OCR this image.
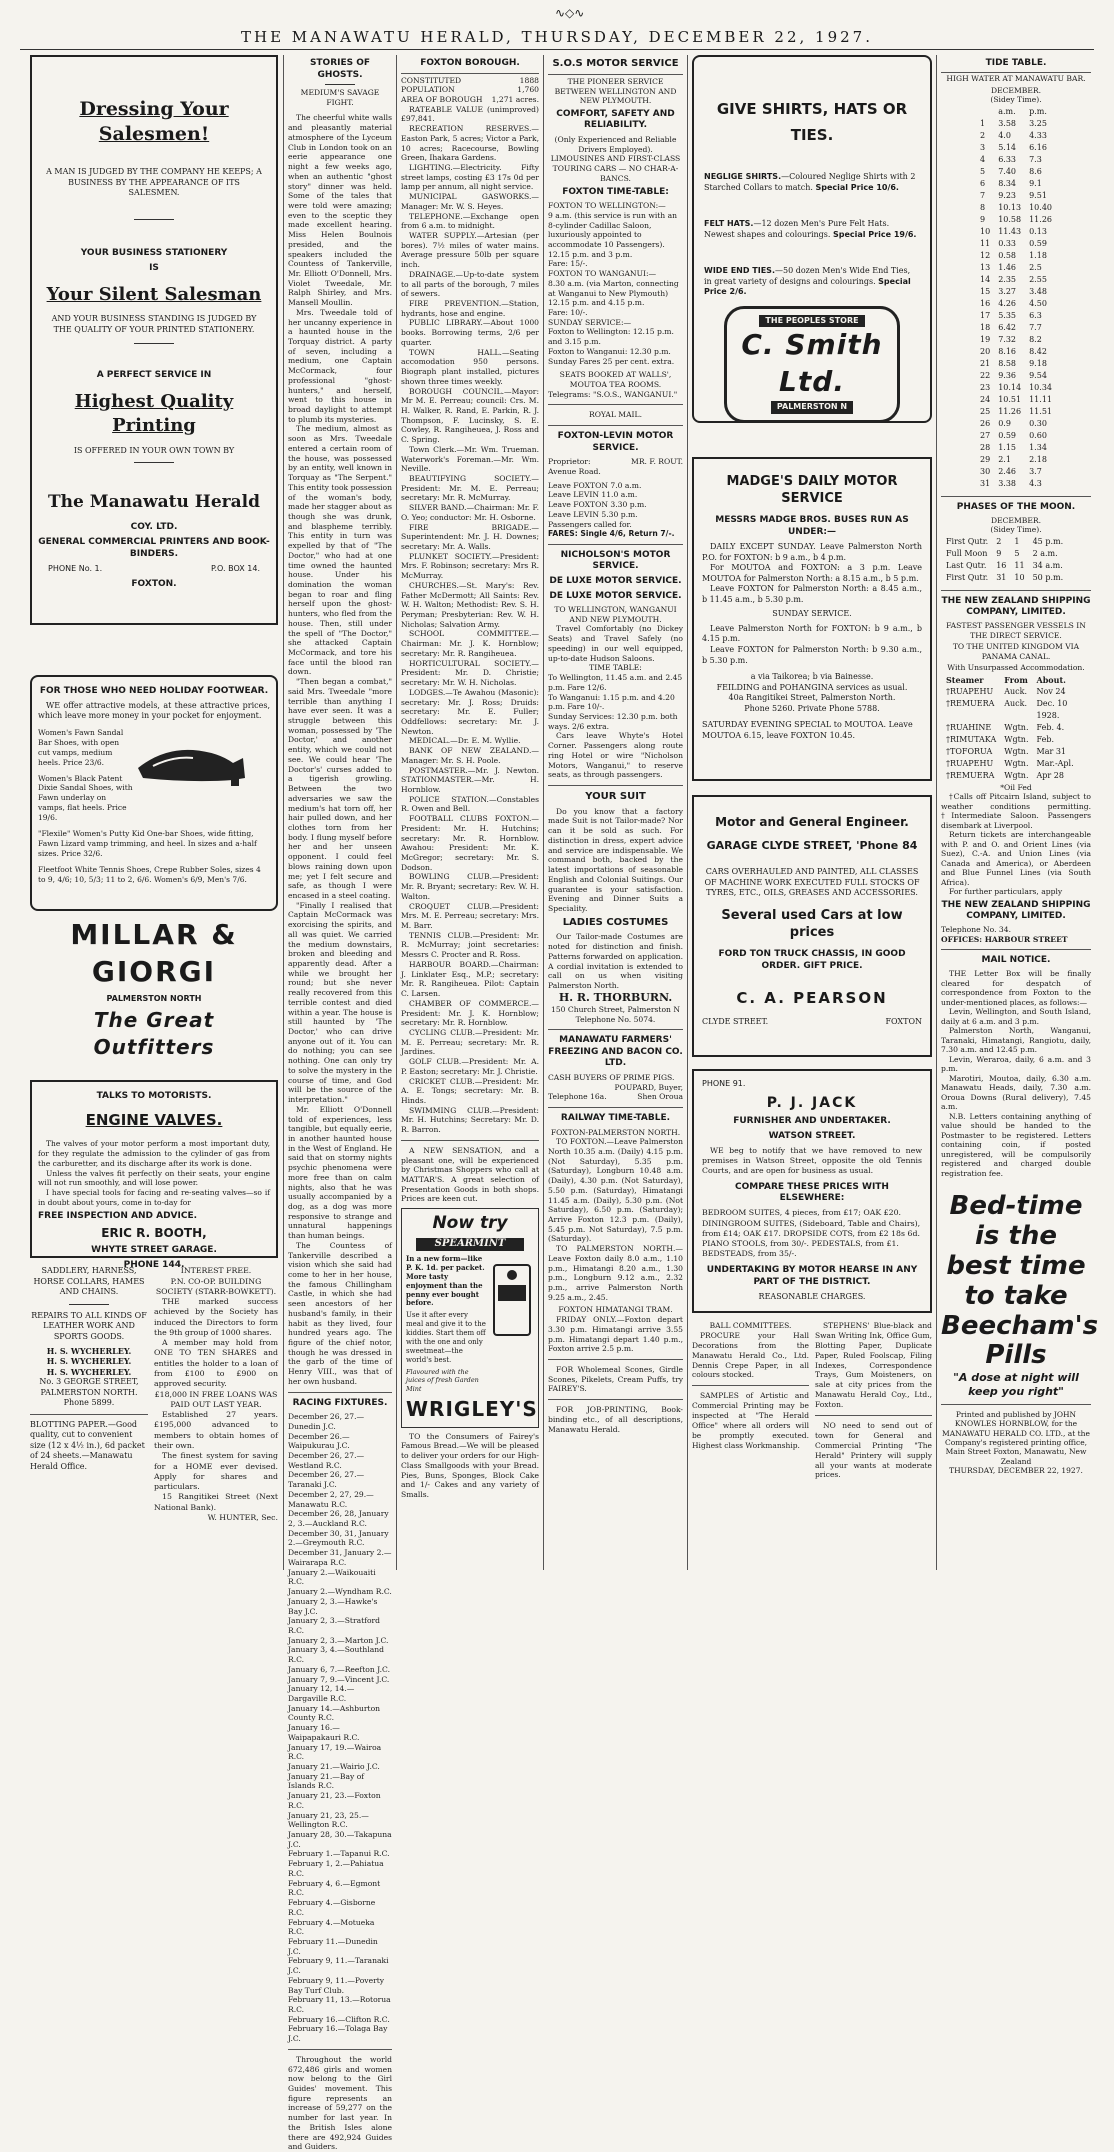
∿◇∿
THE MANAWATU HERALD, THURSDAY, DECEMBER 22, 1927.
Dressing Your Salesmen!
A MAN IS JUDGED BY THE COMPANY HE KEEPS; A BUSINESS BY THE APPEARANCE OF ITS SALESMEN.
YOUR BUSINESS STATIONERY
IS
Your Silent Salesman
AND YOUR BUSINESS STANDING IS JUDGED BY THE QUALITY OF YOUR PRINTED STATIONERY.
A PERFECT SERVICE IN
Highest Quality Printing
IS OFFERED IN YOUR OWN TOWN BY
The Manawatu Herald
COY. LTD.
GENERAL COMMERCIAL PRINTERS AND BOOK-BINDERS.
PHONE No. 1.	P.O. BOX 14.
FOXTON.
FOR THOSE WHO NEED HOLIDAY FOOTWEAR.
WE offer attractive models, at these attractive prices, which leave more money in your pocket for enjoyment.

Women's Fawn Sandal Bar Shoes, with open cut vamps, medium heels. Price 23/6.

Women's Black Patent Dixie Sandal Shoes, with Fawn underlay on vamps, flat heels. Price 19/6.

"Flexile" Women's Putty Kid One-bar Shoes, wide fitting, Fawn Lizard vamp trimming, and heel. In sizes and a-half sizes. Price 32/6.

Fleetfoot White Tennis Shoes, Crepe Rubber Soles, sizes 4 to 9, 4/6; 10, 5/3; 11 to 2, 6/6. Women's 6/9, Men's 7/6.

MILLAR & GIORGI
PALMERSTON NORTH
The Great Outfitters
TALKS TO MOTORISTS.
ENGINE VALVES.

The valves of your motor perform a most important duty, for they regulate the admission to the cylinder of gas from the carburetter, and its discharge after its work is done.

Unless the valves fit perfectly on their seats, your engine will not run smoothly, and will lose power.

I have special tools for facing and re-seating valves—so if in doubt about yours, come in to-day for

FREE INSPECTION AND ADVICE.
ERIC R. BOOTH,
WHYTE STREET GARAGE.
PHONE 144.

SADDLERY, HARNESS, HORSE COLLARS, HAMES AND CHAINS.

REPAIRS TO ALL KINDS OF LEATHER WORK AND SPORTS GOODS.

H. S. WYCHERLEY.

H. S. WYCHERLEY.

H. S. WYCHERLEY.

No. 3 GEORGE STREET, PALMERSTON NORTH.

Phone 5899.

BLOTTING PAPER.—Good quality, cut to convenient size (12 x 4½ in.), 6d packet of 24 sheets.—Manawatu Herald Office.

INTEREST FREE.

P.N. CO-OP. BUILDING SOCIETY (STARR-BOWKETT).

THE marked success achieved by the Society has induced the Directors to form the 9th group of 1000 shares.

A member may hold from ONE TO TEN SHARES and entitles the holder to a loan of from £100 to £900 on approved security.

£18,000 IN FREE LOANS WAS PAID OUT LAST YEAR.

Established 27 years. £195,000 advanced to members to obtain homes of their own.

The finest system for saving for a HOME ever devised. Apply for shares and particulars.

15 Rangitikei Street (Next National Bank).

W. HUNTER, Sec.

STORIES OF GHOSTS.
MEDIUM'S SAVAGE FIGHT.

The cheerful white walls and pleasantly material atmosphere of the Lyceum Club in London took on an eerie appearance one night a few weeks ago, when an authentic "ghost story" dinner was held. Some of the tales that were told were amazing; even to the sceptic they made excellent hearing. Miss Helen Boulnois presided, and the speakers included the Countess of Tankerville, Mr. Elliott O'Donnell, Mrs. Violet Tweedale, Mr. Ralph Shirley, and Mrs. Mansell Moullin.

Mrs. Tweedale told of her uncanny experience in a haunted house in the Torquay district. A party of seven, including a medium, one Captain McCormack, four professional "ghost-hunters," and herself, went to this house in broad daylight to attempt to plumb its mysteries.

The medium, almost as soon as Mrs. Tweedale entered a certain room of the house, was possessed by an entity, well known in Torquay as "The Serpent." This entity took possession of the woman's body, made her stagger about as though she was drunk, and blaspheme terribly. This entity in turn was expelled by that of "The Doctor," who had at one time owned the haunted house. Under his domination the woman began to roar and fling herself upon the ghost-hunters, who fled from the house. Then, still under the spell of "The Doctor," she attacked Captain McCormack, and tore his face until the blood ran down.

"Then began a combat," said Mrs. Tweedale "more terrible than anything I have ever seen. It was a struggle between this woman, possessed by 'The Doctor,' and another entity, which we could not see. We could hear 'The Doctor's' curses added to a tigerish growling. Between the two adversaries we saw the medium's hat torn off, her hair pulled down, and her clothes torn from her body. I flung myself before her and her unseen opponent. I could feel blows raining down upon me; yet I felt secure and safe, as though I were encased in a steel coating.

"Finally I realised that Captain McCormack was exorcising the spirits, and all was quiet. We carried the medium downstairs, broken and bleeding and apparently dead. After a while we brought her round; but she never really recovered from this terrible contest and died within a year. The house is still haunted by 'The Doctor,' who can drive anyone out of it. You can do nothing; you can see nothing. One can only try to solve the mystery in the course of time, and God will be the source of the interpretation."

Mr. Elliott O'Donnell told of experiences, less tangible, but equally eerie, in another haunted house in the West of England. He said that on stormy nights psychic phenomena were more free than on calm nights, also that he was usually accompanied by a dog, as a dog was more responsive to strange and unnatural happenings than human beings.

The Countess of Tankerville described a vision which she said had come to her in her house, the famous Chillingham Castle, in which she had seen ancestors of her husband's family, in their habit as they lived, four hundred years ago. The figure of the chief notor, though he was dressed in the garb of the time of Henry VIII., was that of her own husband.

RACING FIXTURES.

December 26, 27.—Dunedin J.C.

December 26.—Waipukurau J.C.

December 26, 27.—Westland R.C.

December 26, 27.—Taranaki J.C.

December 2, 27, 29.—Manawatu R.C.

December 26, 28, January 2, 3.—Auckland R.C.

December 30, 31, January 2.—Greymouth R.C.

December 31, January 2.—Wairarapa R.C.

January 2.—Waikouaiti R.C.

January 2.—Wyndham R.C.

January 2, 3.—Hawke's Bay J.C.

January 2, 3.—Stratford R.C.

January 2, 3.—Marton J.C.

January 3, 4.—Southland R.C.

January 6, 7.—Reefton J.C.

January 7, 9.—Vincent J.C.

January 12, 14.—Dargaville R.C.

January 14.—Ashburton County R.C.

January 16.—Waipapakauri R.C.

January 17, 19.—Wairoa R.C.

January 21.—Wairio J.C.

January 21.—Bay of Islands R.C.

January 21, 23.—Foxton R.C.

January 21, 23, 25.—Wellington R.C.

January 28, 30.—Takapuna J.C.

February 1.—Tapanui R.C.

February 1, 2.—Pahiatua R.C.

February 4, 6.—Egmont R.C.

February 4.—Gisborne R.C.

February 4.—Motueka R.C.

February 11.—Dunedin J.C.

February 9, 11.—Taranaki J.C.

February 9, 11.—Poverty Bay Turf Club.

February 11, 13.—Rotorua R.C.

February 16.—Clifton R.C.

February 16.—Tolaga Bay J.C.

Throughout the world 672,486 girls and women now belong to the Girl Guides' movement. This figure represents an increase of 59,277 on the number for last year. In the British Isles alone there are 492,924 Guides and Guiders.

FOXTON BOROUGH.
CONSTITUTED	1888
POPULATION	1,760
AREA OF BOROUGH 1,271 acres.

RATEABLE VALUE (unimproved) £97,841.

RECREATION RESERVES.—Easton Park, 5 acres; Victor a Park, 10 acres; Racecourse, Bowling Green, Ihakara Gardens.

LIGHTING.—Electricity. Fifty street lamps, costing £3 17s 0d per lamp per annum, all night service.

MUNICIPAL GASWORKS.—Manager: Mr. W. S. Heyes.

TELEPHONE.—Exchange open from 6 a.m. to midnight.

WATER SUPPLY.—Artesian (per bores). 7½ miles of water mains. Average pressure 50lb per square inch.

DRAINAGE.—Up-to-date system to all parts of the borough, 7 miles of sewers.

FIRE PREVENTION.—Station, hydrants, hose and engine.

PUBLIC LIBRARY.—About 1000 books. Borrowing terms, 2/6 per quarter.

TOWN HALL.—Seating accomodation 950 persons. Biograph plant installed, pictures shown three times weekly.

BOROUGH COUNCIL.—Mayor: Mr M. E. Perreau; council: Crs. M. H. Walker, R. Rand, E. Parkin, R. J. Thompson, F. Lucinsky, S. E. Cowley, R. Rangiheuea, J. Ross and C. Spring.

Town Clerk.—Mr. Wm. Trueman. Waterwork's Foreman.—Mr. Wm. Neville.

BEAUTIFYING SOCIETY.—President: Mr. M. E. Perreau; secretary: Mr. R. McMurray.

SILVER BAND.—Chairman: Mr. F. O. Yeo; conductor: Mr. H. Osborne.

FIRE BRIGADE.—Superintendent: Mr. J. H. Downes; secretary: Mr. A. Walls.

PLUNKET SOCIETY.—President: Mrs. F. Robinson; secretary: Mrs R. McMurray.

CHURCHES.—St. Mary's: Rev. Father McDermott; All Saints: Rev. W. H. Walton; Methodist: Rev. S. H. Peryman; Presbyterian: Rev. W. H. Nicholas; Salvation Army.

SCHOOL COMMITTEE.—Chairman: Mr. J. K. Hornblow; secretary: Mr. R. Rangiheuea.

HORTICULTURAL SOCIETY.—President: Mr. D. Christie; secretary: Mr. W. H. Nicholas.

LODGES.—Te Awahou (Masonic): secretary: Mr. J. Ross; Druids: secretary: Mr. E. Fuller; Oddfellows: secretary: Mr. J. Newton.

MEDICAL.—Dr. E. M. Wyllie.

BANK OF NEW ZEALAND.—Manager: Mr. S. H. Poole.

POSTMASTER.—Mr. J. Newton. STATIONMASTER.—Mr. H. Hornblow.

POLICE STATION.—Constables R. Owen and Bell.

FOOTBALL CLUBS FOXTON.—President: Mr. H. Hutchins; secretary: Mr. R. Hornblow. Awahou: President: Mr. K. McGregor; secretary: Mr. S. Dodson.

BOWLING CLUB.—President: Mr. R. Bryant; secretary: Rev. W. H. Walton.

CROQUET CLUB.—President: Mrs. M. E. Perreau; secretary: Mrs. M. Barr.

TENNIS CLUB.—President: Mr. R. McMurray; joint secretaries: Messrs C. Procter and R. Ross.

HARBOUR BOARD.—Chairman: J. Linklater Esq., M.P.; secretary: Mr. R. Rangiheuea. Pilot: Captain C. Larsen.

CHAMBER OF COMMERCE.—President: Mr. J. K. Hornblow; secretary: Mr. R. Hornblow.

CYCLING CLUB.—President: Mr. M. E. Perreau; secretary: Mr. R. Jardines.

GOLF CLUB.—President: Mr. A. P. Easton; secretary: Mr. J. Christie.

CRICKET CLUB.—President: Mr. A. E. Tongs; secretary: Mr. B. Hinds.

SWIMMING CLUB.—President: Mr. H. Hutchins; Secretary: Mr. D. R. Barron.

A NEW SENSATION, and a pleasant one, will be experienced by Christmas Shoppers who call at MATTAR'S. A great selection of Presentation Goods in both shops. Prices are keen cut.

Now try
SPEARMINT

In a new form—like P. K. 1d. per packet. More tasty enjoyment than the penny ever bought before.

Use it after every meal and give it to the kiddies. Start them off with the one and only sweetmeat—the world's best.

Flavoured with the juices of fresh Garden Mint

WRIGLEY'S

TO the Consumers of Fairey's Famous Bread.—We will be pleased to deliver your orders for our High-Class Smallgoods with your Bread. Pies, Buns, Sponges, Block Cake and 1/- Cakes and any variety of Smalls.

S.O.S MOTOR SERVICE

THE PIONEER SERVICE BETWEEN WELLINGTON AND NEW PLYMOUTH.

COMFORT, SAFETY AND RELIABILITY.

(Only Experienced and Reliable Drivers Employed).

LIMOUSINES AND FIRST-CLASS TOURING CARS — NO CHAR-A-BANCS.

FOXTON TIME-TABLE:

FOXTON TO WELLINGTON:—

9 a.m. (this service is run with an 8-cylinder Cadillac Saloon, luxuriously appointed to accommodate 10 Passengers).

12.15 p.m. and 3 p.m.

Fare: 15/-.

FOXTON TO WANGANUI:—

8.30 a.m. (via Marton, connecting at Wanganui to New Plymouth)

12.15 p.m. and 4.15 p.m.

Fare: 10/-.

SUNDAY SERVICE:—

Foxton to Wellington: 12.15 p.m. and 3.15 p.m.

Foxton to Wanganui: 12.30 p.m.

Sunday Fares 25 per cent. extra.

SEATS BOOKED AT WALLS', MOUTOA TEA ROOMS.

Telegrams: "S.O.S., WANGANUI."

ROYAL MAIL.

FOXTON-LEVIN MOTOR SERVICE.

Proprietor:	MR. F. ROUT.

Avenue Road.

Leave FOXTON 7.0 a.m.

Leave LEVIN 11.0 a.m.

Leave FOXTON 3.30 p.m.

Leave LEVIN 5.30 p.m.

Passengers called for.

FARES: Single 4/6, Return 7/-.

NICHOLSON'S MOTOR SERVICE.

DE LUXE MOTOR SERVICE.

DE LUXE MOTOR SERVICE.

TO WELLINGTON, WANGANUI AND NEW PLYMOUTH.

Travel Comfortably (no Dickey Seats) and Travel Safely (no speeding) in our well equipped, up-to-date Hudson Saloons.

TIME TABLE:

To Wellington, 11.45 a.m. and 2.45 p.m. Fare 12/6.

To Wanganui: 1.15 p.m. and 4.20 p.m. Fare 10/-.

Sunday Services: 12.30 p.m. both ways. 2/6 extra.

Cars leave Whyte's Hotel Corner. Passengers along route ring Hotel or wire "Nicholson Motors, Wanganui," to reserve seats, as through passengers.

YOUR SUIT

Do you know that a factory made Suit is not Tailor-made? Nor can it be sold as such. For distinction in dress, expert advice and service are indispensable. We command both, backed by the latest importations of seasonable English and Colonial Suitings. Our guarantee is your satisfaction. Evening and Dinner Suits a Speciality.

LADIES COSTUMES

Our Tailor-made Costumes are noted for distinction and finish. Patterns forwarded on application. A cordial invitation is extended to call on us when visiting Palmerston North.

H. R. THORBURN.

150 Church Street, Palmerston N

Telephone No. 5074.

MANAWATU FARMERS' FREEZING AND BACON CO. LTD.

CASH BUYERS OF PRIME PIGS.

POUPARD, Buyer,

Telephone 16a.	Shen Oroua

RAILWAY TIME-TABLE.

FOXTON-PALMERSTON NORTH.

TO FOXTON.—Leave Palmerston North 10.35 a.m. (Daily) 4.15 p.m. (Not Saturday), 5.35 p.m. (Saturday), Longburn 10.48 a.m. (Daily), 4.30 p.m. (Not Saturday), 5.50 p.m. (Saturday), Himatangi 11.45 a.m. (Daily), 5.30 p.m. (Not Saturday), 6.50 p.m. (Saturday); Arrive Foxton 12.3 p.m. (Daily), 5.45 p.m. Not Saturday), 7.5 p.m. (Saturday).

TO PALMERSTON NORTH.—Leave Foxton daily 8.0 a.m., 1.10 p.m., Himatangi 8.20 a.m., 1.30 p.m., Longburn 9.12 a.m., 2.32 p.m., arrive Palmerston North 9.25 a.m., 2.45.

FOXTON HIMATANGI TRAM.

FRIDAY ONLY.—Foxton depart 3.30 p.m. Himatangi arrive 3.55 p.m. Himatangi depart 1.40 p.m., Foxton arrive 2.5 p.m.

FOR Wholemeal Scones, Girdle Scones, Pikelets, Cream Puffs, try FAIREY'S.

FOR JOB-PRINTING, Book-binding etc., of all descriptions, Manawatu Herald.

GIVE SHIRTS, HATS OR TIES.

NEGLIGE SHIRTS.—Coloured Neglige Shirts with 2 Starched Collars to match. Special Price 10/6.

FELT HATS.—12 dozen Men's Pure Felt Hats. Newest shapes and colourings. Special Price 19/6.

WIDE END TIES.—50 dozen Men's Wide End Ties, in great variety of designs and colourings. Special Price 2/6.

THE PEOPLES STORE
C. Smith Ltd.
PALMERSTON N
MADGE'S DAILY MOTOR SERVICE

MESSRS MADGE BROS. BUSES RUN AS UNDER:—

DAILY EXCEPT SUNDAY. Leave Palmerston North P.O. for FOXTON: b 9 a.m., b 4 p.m.

For MOUTOA and FOXTON: a 3 p.m. Leave MOUTOA for Palmerston North: a 8.15 a.m., b 5 p.m.

Leave FOXTON for Palmerston North: a 8.45 a.m., b 11.45 a.m., b 5.30 p.m.

SUNDAY SERVICE.

Leave Palmerston North for FOXTON: b 9 a.m., b 4.15 p.m.

Leave FOXTON for Palmerston North: b 9.30 a.m., b 5.30 p.m.

a via Taikorea; b via Bainesse.

FEILDING and POHANGINA services as usual.

40a Rangitikei Street, Palmerston North.

Phone 5260. Private Phone 5788.

SATURDAY EVENING SPECIAL to MOUTOA. Leave MOUTOA 6.15, leave FOXTON 10.45.

Motor and General Engineer.
GARAGE CLYDE STREET, 'Phone 84

CARS OVERHAULED AND PAINTED, ALL CLASSES OF MACHINE WORK EXECUTED FULL STOCKS OF TYRES, ETC., OILS, GREASES AND ACCESSORIES.

Several used Cars at low prices

FORD TON TRUCK CHASSIS, IN GOOD ORDER. GIFT PRICE.

C. A. PEARSON
CLYDE STREET.	FOXTON

PHONE 91.

P. J. JACK

FURNISHER AND UNDERTAKER.

WATSON STREET.

WE beg to notify that we have removed to new premises in Watson Street, opposite the old Tennis Courts, and are open for business as usual.

COMPARE THESE PRICES WITH ELSEWHERE:

BEDROOM SUITES, 4 pieces, from £17; OAK £20. DININGROOM SUITES, (Sideboard, Table and Chairs), from £14; OAK £17. DROPSIDE COTS, from £2 18s 6d. PIANO STOOLS, from 30/-. PEDESTALS, from £1. BEDSTEADS, from 35/-.

UNDERTAKING BY MOTOR HEARSE IN ANY PART OF THE DISTRICT.

REASONABLE CHARGES.

BALL COMMITTEES.

PROCURE your Hall Decorations from the Manawatu Herald Co., Ltd. Dennis Crepe Paper, in all colours stocked.

SAMPLES of Artistic and Commercial Printing may be inspected at "The Herald Office" where all orders will be promptly executed. Highest class Workmanship.

STEPHENS' Blue-black and Swan Writing Ink, Office Gum, Blotting Paper, Duplicate Paper, Ruled Foolscap, Filing Indexes, Correspondence Trays, Gum Moisteners, on sale at city prices from the Manawatu Herald Coy., Ltd., Foxton.

NO need to send out of town for General and Commercial Printing "The Herald" Printery will supply all your wants at moderate prices.

TIDE TABLE.

HIGH WATER AT MANAWATU BAR.

DECEMBER.

(Sidey Time).

	a.m.	p.m.
1	3.58	3.25
2	4.0	4.33
3	5.14	6.16
4	6.33	7.3
5	7.40	8.6
6	8.34	9.1
7	9.23	9.51
8	10.13	10.40
9	10.58	11.26
10	11.43	0.13
11	0.33	0.59
12	0.58	1.18
13	1.46	2.5
14	2.35	2.55
15	3.27	3.48
16	4.26	4.50
17	5.35	6.3
18	6.42	7.7
19	7.32	8.2
20	8.16	8.42
21	8.58	9.18
22	9.36	9.54
23	10.14	10.34
24	10.51	11.11
25	11.26	11.51
26	0.9	0.30
27	0.59	0.60
28	1.15	1.34
29	2.1	2.18
30	2.46	3.7
31	3.38	4.3

PHASES OF THE MOON.

DECEMBER.

(Sidey Time).

First Qutr.	2	1	45 p.m.
Full Moon	9	5	2 a.m.
Last Qutr.	16	11	34 a.m.
First Qutr.	31	10	50 p.m.

THE NEW ZEALAND SHIPPING COMPANY, LIMITED.

FASTEST PASSENGER VESSELS IN THE DIRECT SERVICE.

TO THE UNITED KINGDOM VIA PANAMA CANAL.

With Unsurpassed Accommodation.

Steamer	From	About.
†RUAPEHU	Auck.	Nov 24
†REMUERA	Auck.	Dec. 10
		1928.
†RUAHINE	Wgtn.	Feb. 4.
†RIMUTAKA	Wgtn.	Feb.
†TOFORUA	Wgtn.	Mar 31
†RUAPEHU	Wgtn.	Mar.-Apl.
†REMUERA	Wgtn.	Apr 28

*Oil Fed

†Calls off Pitcairn Island, subject to weather conditions permitting. †Intermediate Saloon. Passengers disembark at Liverpool.

Return tickets are interchangeable with P. and O. and Orient Lines (via Suez), C.-A. and Union Lines (via Canada and America), or Aberdeen and Blue Funnel Lines (via South Africa).

For further particulars, apply

THE NEW ZEALAND SHIPPING COMPANY, LIMITED.

Telephone No. 34.

OFFICES: HARBOUR STREET

MAIL NOTICE.

THE Letter Box will be finally cleared for despatch of correspondence from Foxton to the under-mentioned places, as follows:—

Levin, Wellington, and South Island, daily at 6 a.m. and 3 p.m.

Palmerston North, Wanganui, Taranaki, Himatangi, Rangiotu, daily, 7.30 a.m. and 12.45 p.m.

Levin, Weraroa, daily, 6 a.m. and 3 p.m.

Marotiri, Moutoa, daily, 6.30 a.m. Manawatu Heads, daily, 7.30 a.m. Oroua Downs (Rural delivery), 7.45 a.m.

N.B. Letters containing anything of value should be handed to the Postmaster to be registered. Letters containing coin, if posted unregistered, will be compulsorily registered and charged double registration fee.

Bed-time
is the
best time
to take
Beecham's
Pills

"A dose at night will keep you right"

Printed and published by JOHN KNOWLES HORNBLOW, for the MANAWATU HERALD CO. LTD., at the Company's registered printing office, Main Street Foxton, Manawatu, New Zealand

THURSDAY, DECEMBER 22, 1927.
